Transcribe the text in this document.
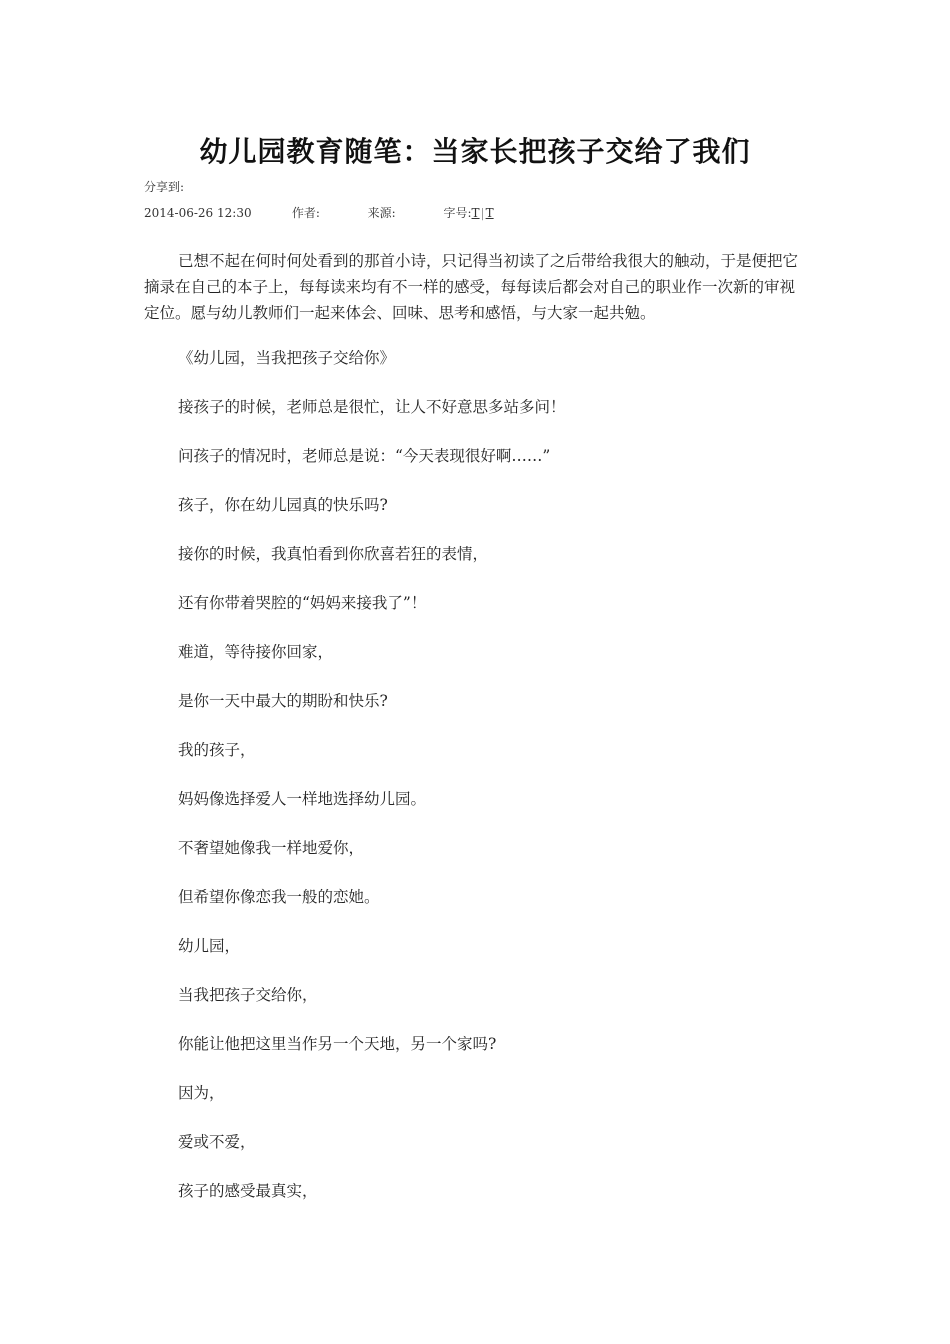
幼儿园教育随笔：当家长把孩子交给了我们
分享到:
2014-06-26 12:30	作者:	来源:	字号:T|T

已想不起在何时何处看到的那首小诗，只记得当初读了之后带给我很大的触动，于是便把它摘录在自己的本子上，每每读来均有不一样的感受，每每读后都会对自己的职业作一次新的审视定位。愿与幼儿教师们一起来体会、回味、思考和感悟，与大家一起共勉。

《幼儿园，当我把孩子交给你》
接孩子的时候，老师总是很忙，让人不好意思多站多问！
问孩子的情况时，老师总是说：“今天表现很好啊……”
孩子，你在幼儿园真的快乐吗?
接你的时候，我真怕看到你欣喜若狂的表情，
还有你带着哭腔的“妈妈来接我了”！
难道，等待接你回家，
是你一天中最大的期盼和快乐?
我的孩子，
妈妈像选择爱人一样地选择幼儿园。
不奢望她像我一样地爱你，
但希望你像恋我一般的恋她。
幼儿园，
当我把孩子交给你，
你能让他把这里当作另一个天地，另一个家吗?
因为，
爱或不爱，
孩子的感受最真实，
